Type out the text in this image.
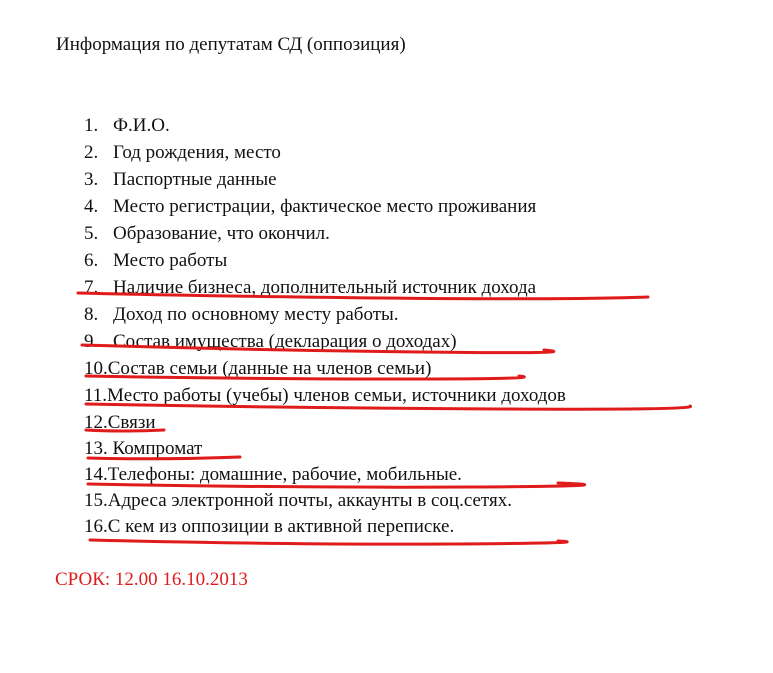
Информация по депутатам СД (оппозиция)
1. Ф.И.О.
2. Год рождения, место
3. Паспортные данные
4. Место регистрации, фактическое место проживания
5. Образование, что окончил.
6. Место работы
7. Наличие бизнеса, дополнительный источник дохода
8. Доход по основному месту работы.
9. Состав имущества (декларация о доходах)
10.Состав семьи (данные на членов семьи)
11.Место работы (учебы) членов семьи, источники доходов
12.Связи
13. Компромат
14.Телефоны: домашние, рабочие, мобильные.
15.Адреса электронной почты, аккаунты в соц.сетях.
16.С кем из оппозиции в активной переписке.
СРОК: 12.00 16.10.2013
